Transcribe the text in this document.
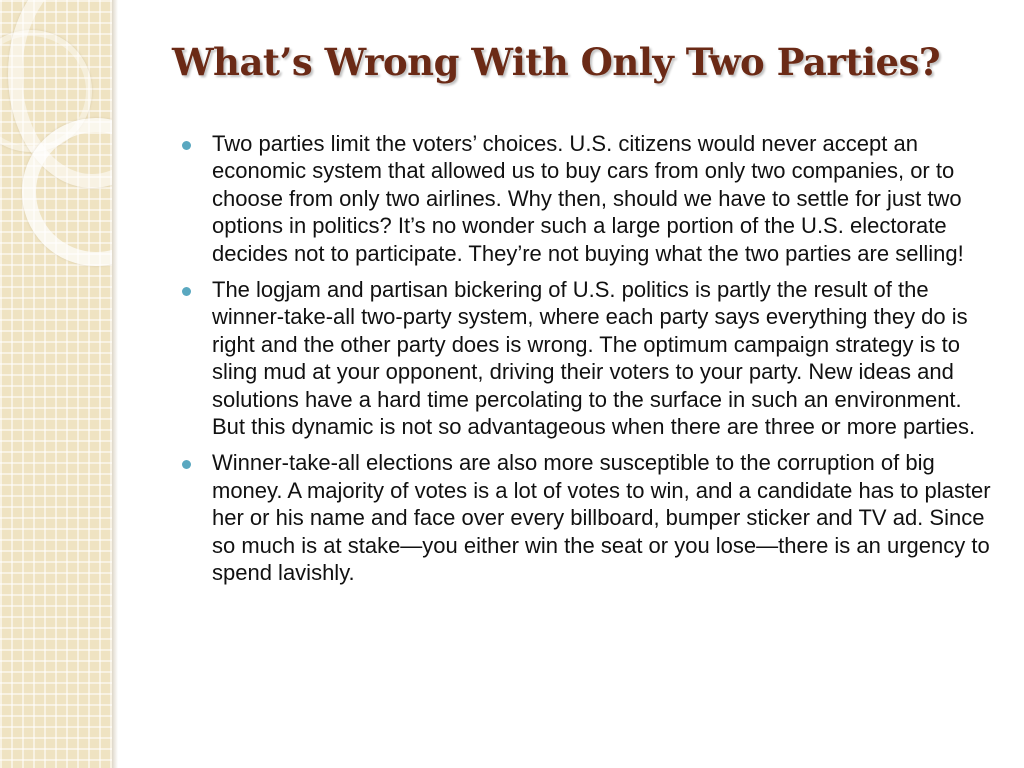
What’s Wrong With Only Two Parties?
Two parties limit the voters’ choices. U.S. citizens would never accept an economic system that allowed us to buy cars from only two companies, or to choose from only two airlines. Why then, should we have to settle for just two options in politics? It’s no wonder such a large portion of the U.S. electorate decides not to participate. They’re not buying what the two parties are selling!
The logjam and partisan bickering of U.S. politics is partly the result of the winner-take-all two-party system, where each party says everything they do is right and the other party does is wrong. The optimum campaign strategy is to sling mud at your opponent, driving their voters to your party. New ideas and solutions have a hard time percolating to the surface in such an environment. But this dynamic is not so advantageous when there are three or more parties.
Winner-take-all elections are also more susceptible to the corruption of big money. A majority of votes is a lot of votes to win, and a candidate has to plaster her or his name and face over every billboard, bumper sticker and TV ad. Since so much is at stake—you either win the seat or you lose—there is an urgency to spend lavishly.
